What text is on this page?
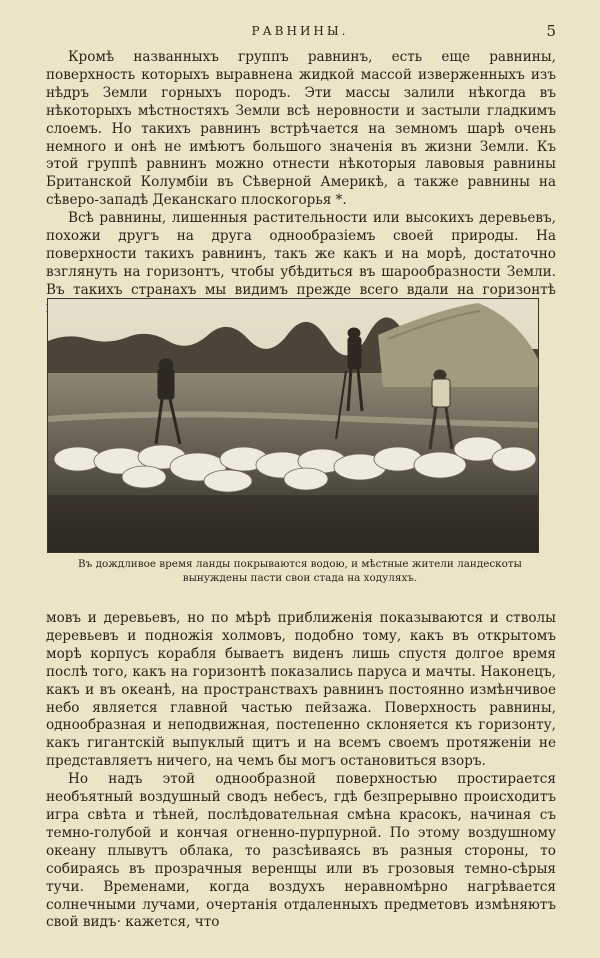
РАВНИНЫ.	5

Кромѣ названныхъ группъ равнинъ, есть еще равнины, поверхность которыхъ выравнена жидкой массой изверженныхъ изъ нѣдръ Земли горныхъ породъ. Эти массы залили нѣкогда въ нѣкоторыхъ мѣстностяхъ Земли всѣ неровности и застыли гладкимъ слоемъ. Но такихъ равнинъ встрѣчается на земномъ шарѣ очень немного и онѣ не имѣютъ большого значенія въ жизни Земли. Къ этой группѣ равнинъ можно отнести нѣкоторыя лавовыя равнины Британской Колумбіи въ Сѣверной Америкѣ, а также равнины на сѣверо-западѣ Деканскаго плоскогорья *.

Всѣ равнины, лишенныя растительности или высокихъ деревьевъ, похожи другъ на друга однообразіемъ своей природы. На поверхности такихъ равнинъ, такъ же какъ и на морѣ, достаточно взглянуть на горизонтъ, чтобы убѣдиться въ шарообразности Земли. Въ такихъ странахъ мы видимъ прежде всего вдали на горизонтѣ

Въ дождливое время ланды покрываются водою, и мѣстные жители ландескоты вынуждены пасти свои стада на ходуляхъ.

мовъ и деревьевъ, но по мѣрѣ приближенія показываются и стволы деревьевъ и подножія холмовъ, подобно тому, какъ въ открытомъ морѣ корпусъ корабля бываетъ виденъ лишь спустя долгое время послѣ того, какъ на горизонтѣ показались паруса и мачты. Наконецъ, какъ и въ океанѣ, на пространствахъ равнинъ постоянно измѣнчивое небо является главной частью пейзажа. Поверхность равнины, однообразная и неподвижная, постепенно склоняется къ горизонту, какъ гигантскій выпуклый щитъ и на всемъ своемъ протяженіи не представляетъ ничего, на чемъ бы могъ остановиться взоръ.

Но надъ этой однообразной поверхностью простирается необъятный воздушный сводъ небесъ, гдѣ безпрерывно происходитъ игра свѣта и тѣней, послѣдовательная смѣна красокъ, начиная съ темно-голубой и кончая огненно-пурпурной. По этому воздушному океану плывутъ облака, то разсѣиваясь въ разныя стороны, то собираясь въ прозрачныя веренщы или въ грозовыя темно-сѣрыя тучи. Временами, когда воздухъ неравномѣрно нагрѣвается солнечными лучами, очертанія отдаленныхъ предметовъ измѣняютъ свой видъ· кажется, что
